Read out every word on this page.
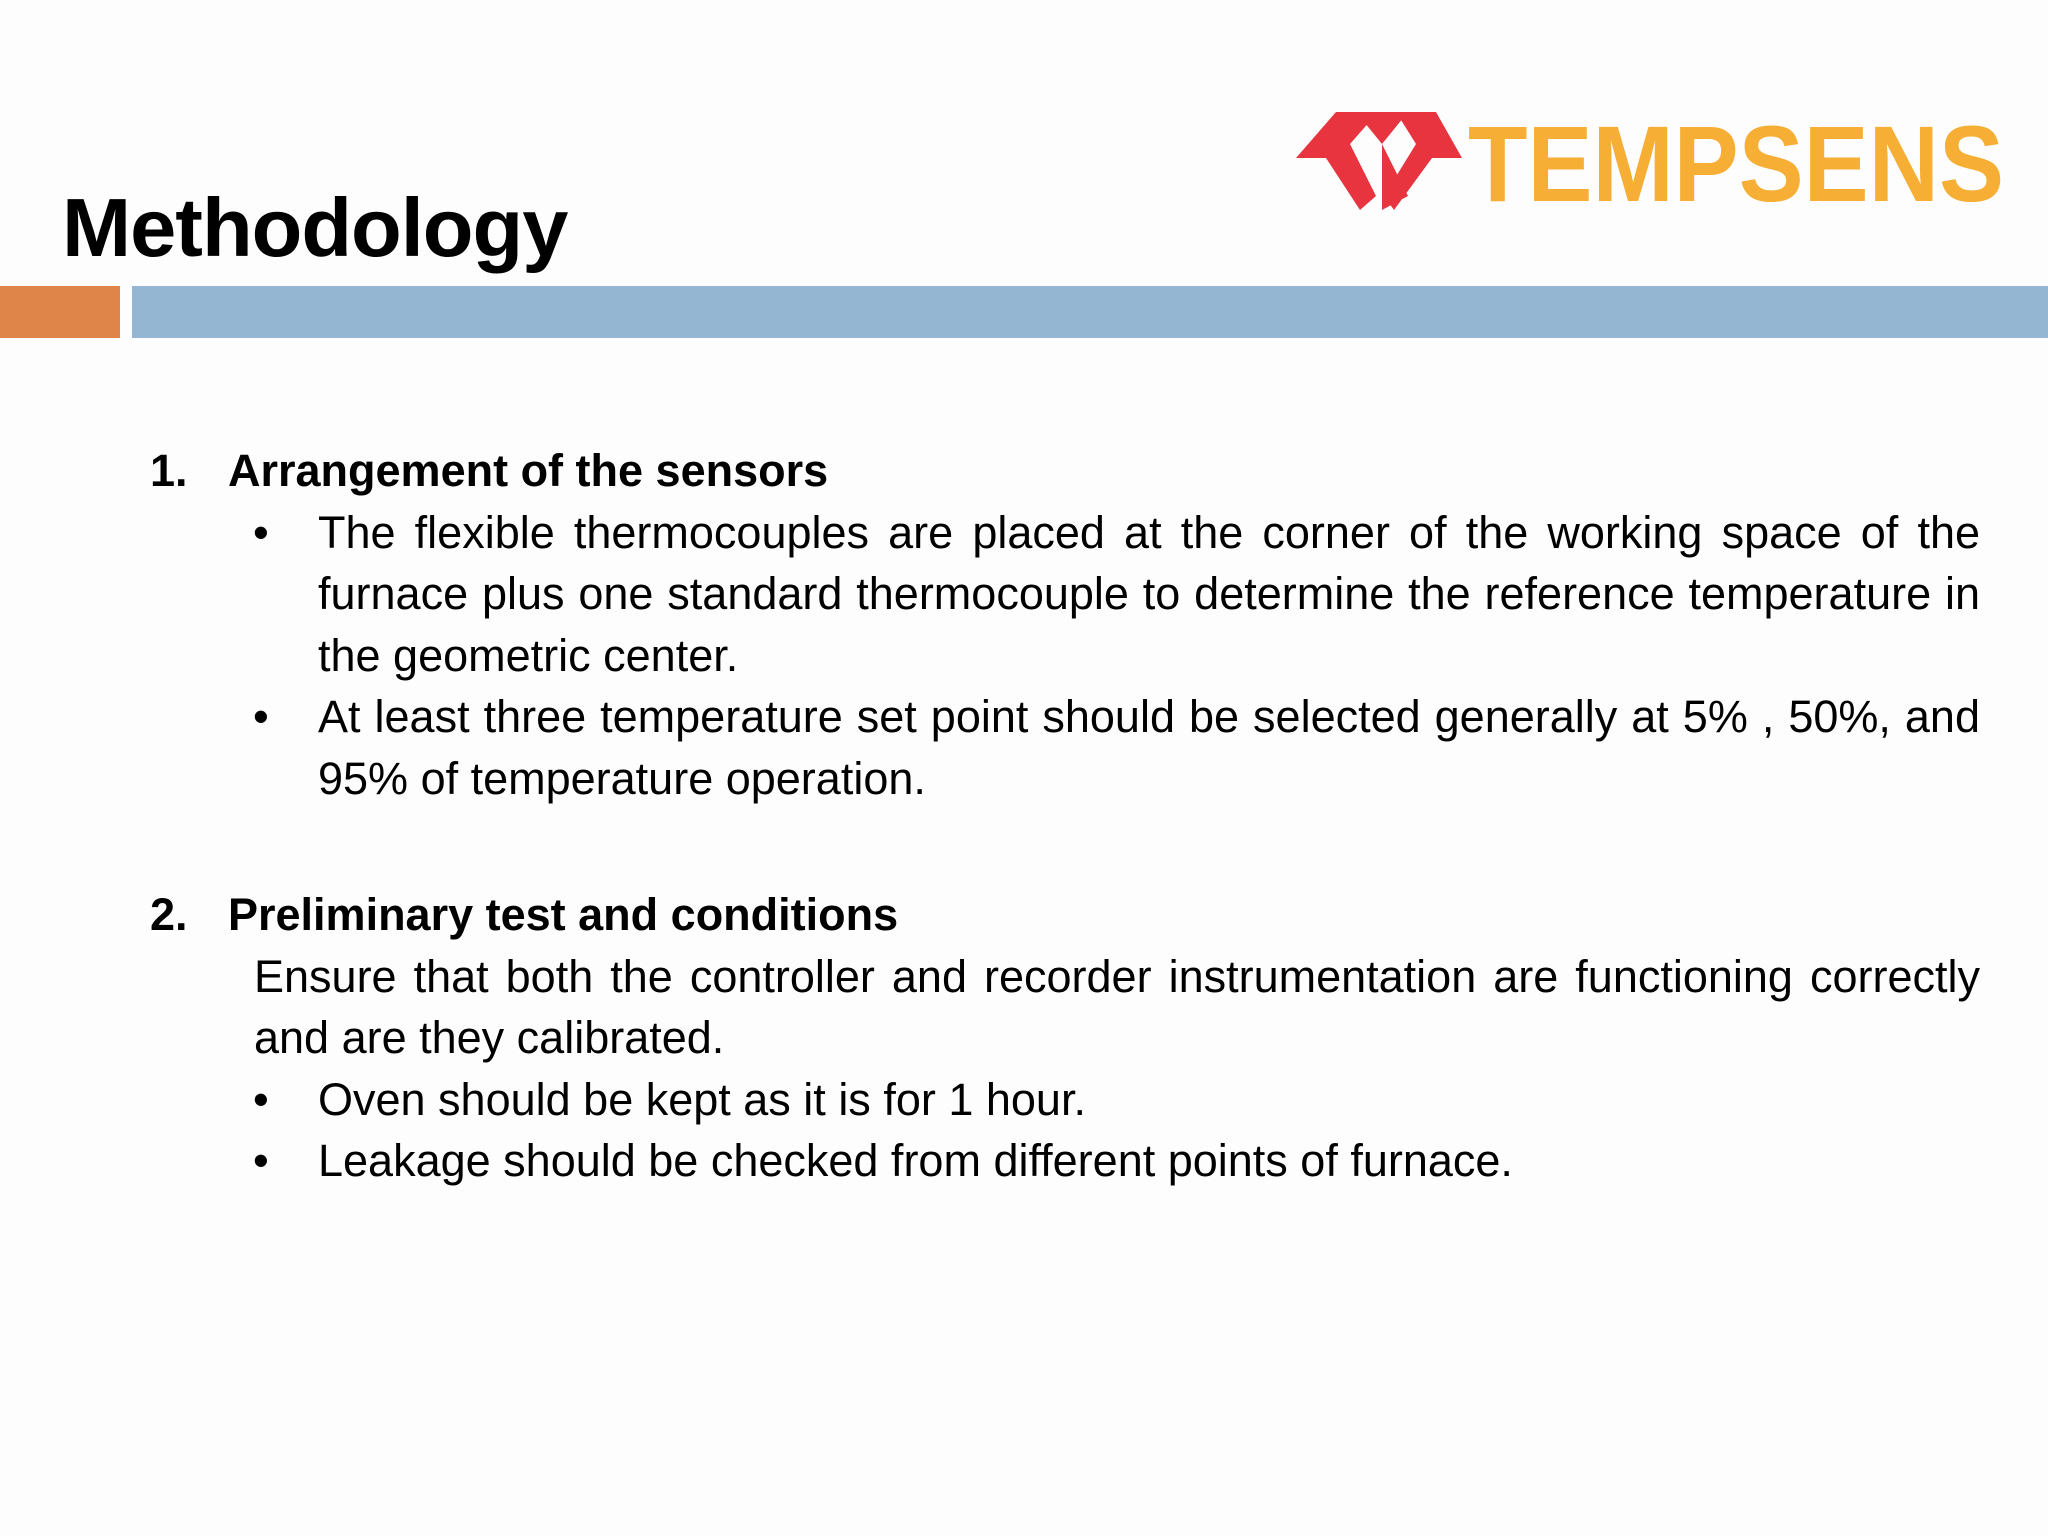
Methodology
TEMPSENS
1. Arrangement of the sensors
• The flexible thermocouples are placed at the corner of the working space of the furnace plus one standard thermocouple to determine the reference temperature in the geometric center.
• At least three temperature set point should be selected generally at 5% , 50%, and 95% of temperature operation.
2. Preliminary test and conditions
Ensure that both the controller and recorder instrumentation are functioning correctly and are they calibrated.
• Oven should be kept as it is for 1 hour.
• Leakage should be checked from different points of furnace.
